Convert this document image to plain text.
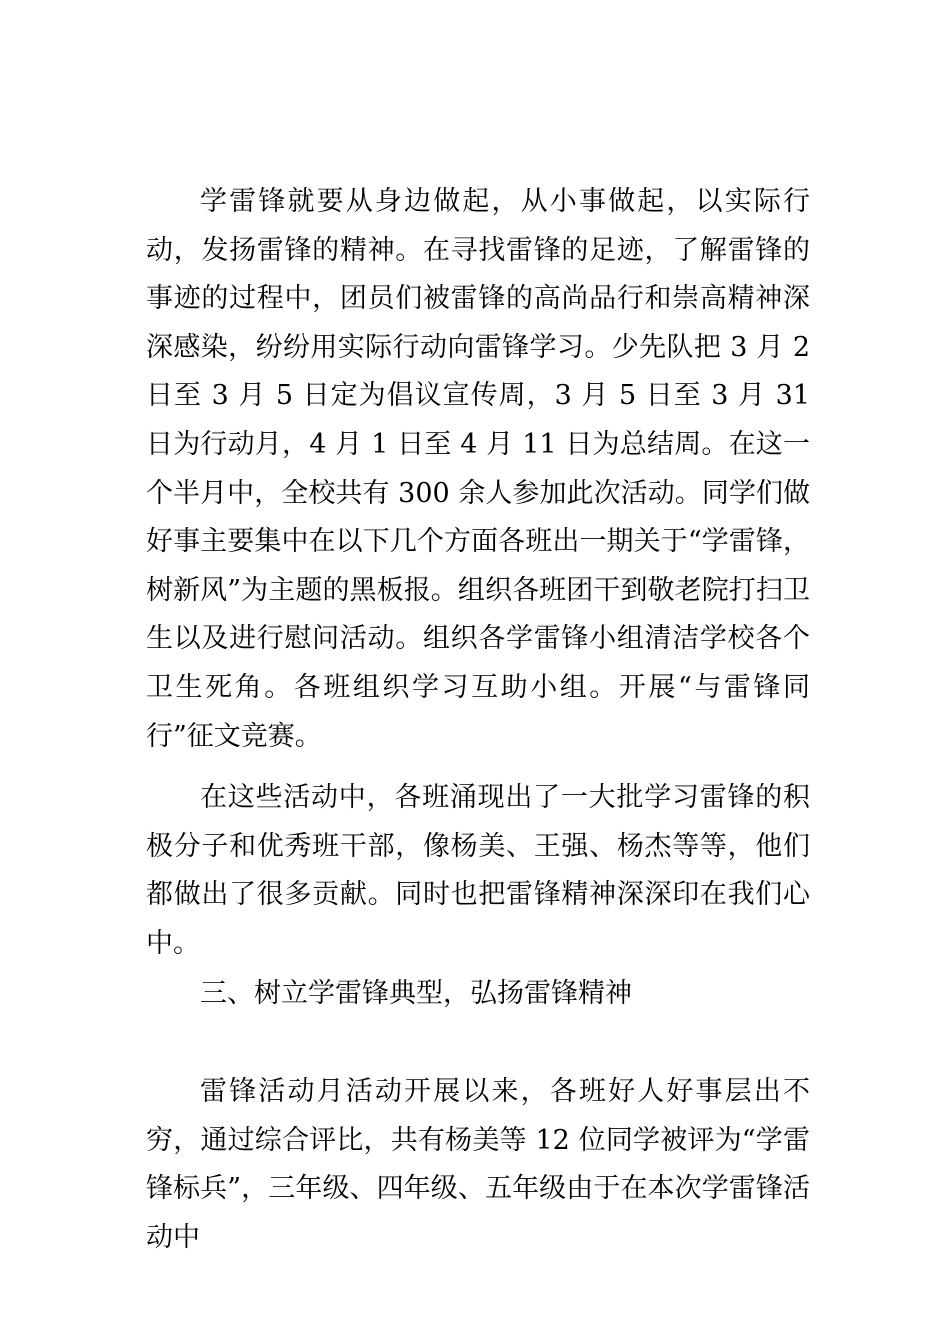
学雷锋就要从身边做起，从小事做起，以实际行动，发扬雷锋的精神。在寻找雷锋的足迹，了解雷锋的事迹的过程中，团员们被雷锋的高尚品行和崇高精神深深感染，纷纷用实际行动向雷锋学习。少先队把 3 月 2 日至 3 月 5 日定为倡议宣传周，3 月 5 日至 3 月 31 日为行动月，4 月 1 日至 4 月 11 日为总结周。在这一个半月中，全校共有 300 余人参加此次活动。同学们做好事主要集中在以下几个方面各班出一期关于“学雷锋，树新风”为主题的黑板报。组织各班团干到敬老院打扫卫生以及进行慰问活动。组织各学雷锋小组清洁学校各个卫生死角。各班组织学习互助小组。开展“与雷锋同行”征文竞赛。

在这些活动中，各班涌现出了一大批学习雷锋的积极分子和优秀班干部，像杨美、王强、杨杰等等，他们都做出了很多贡献。同时也把雷锋精神深深印在我们心中。

三、树立学雷锋典型，弘扬雷锋精神

雷锋活动月活动开展以来，各班好人好事层出不穷，通过综合评比，共有杨美等 12 位同学被评为“学雷锋标兵”，三年级、四年级、五年级由于在本次学雷锋活动中
